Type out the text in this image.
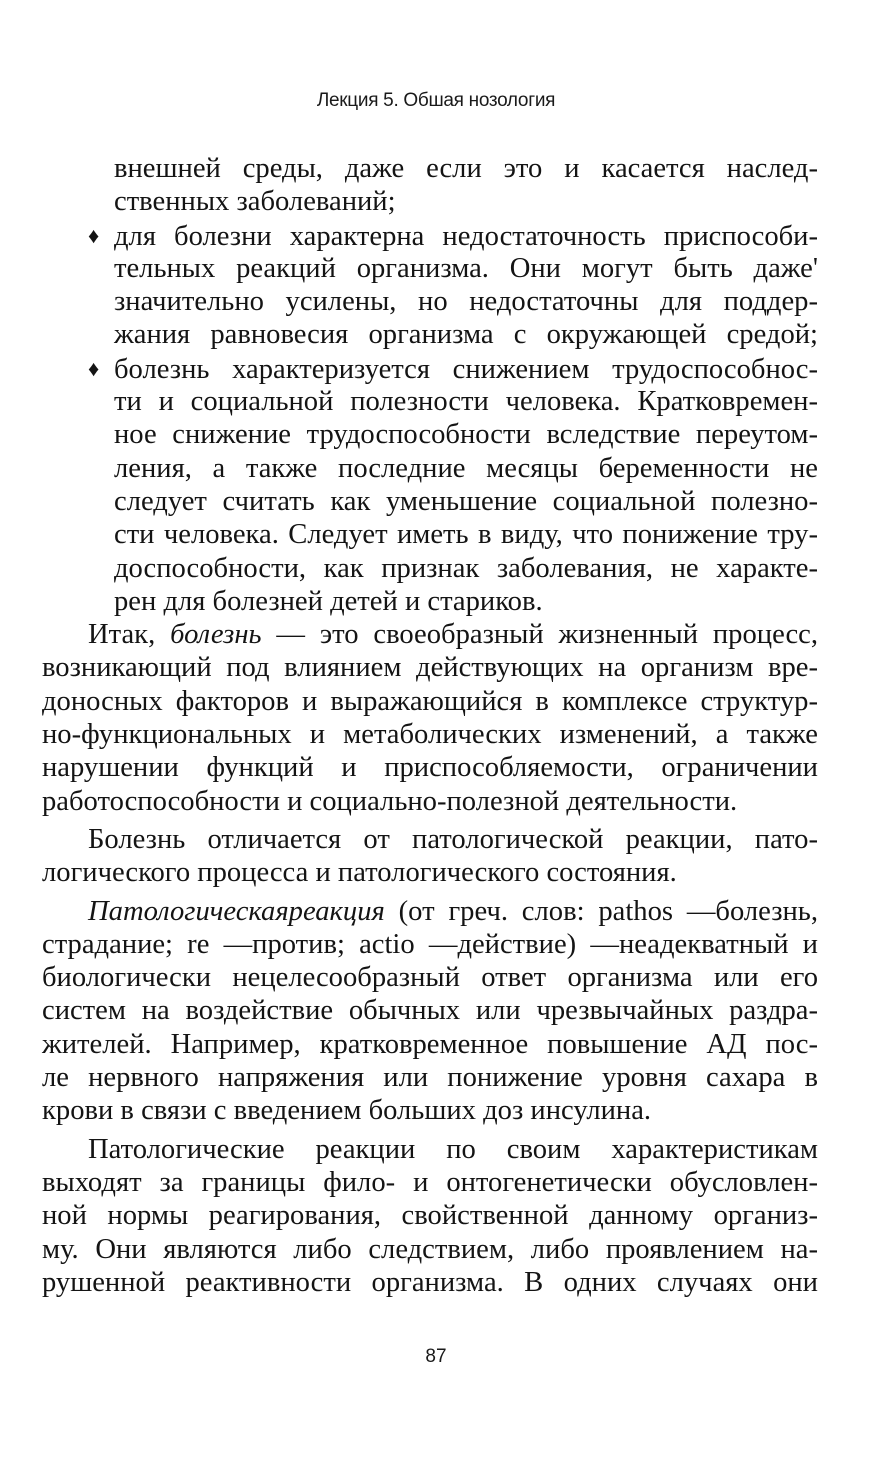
Лекция 5. Обшая нозология
внешней среды, даже если это и касается наслед-
ственных заболеваний;
♦ для болезни характерна недостаточность приспособи-
тельных реакций организма. Они могут быть даже'
значительно усилены, но недостаточны для поддер-
жания равновесия организма с окружающей средой;
♦ болезнь характеризуется снижением трудоспособнос-
ти и социальной полезности человека. Кратковремен-
ное снижение трудоспособности вследствие переутом-
ления, а также последние месяцы беременности не
следует считать как уменьшение социальной полезно-
сти человека. Следует иметь в виду, что понижение тру-
доспособности, как признак заболевания, не характе-
рен для болезней детей и стариков.
Итак, болезнь — это своеобразный жизненный процесс,
возникающий под влиянием действующих на организм вре-
доносных факторов и выражающийся в комплексе структур-
но-функциональных и метаболических изменений, а также
нарушении функций и приспособляемости, ограничении
работоспособности и социально-полезной деятельности.
Болезнь отличается от патологической реакции, пато-
логического процесса и патологического состояния.
Патологическаяреакция (от греч. слов: pathos —болезнь,
страдание; re —против; actio —действие) —неадекватный и
биологически нецелесообразный ответ организма или его
систем на воздействие обычных или чрезвычайных раздра-
жителей. Например, кратковременное повышение АД пос-
ле нервного напряжения или понижение уровня сахара в
крови в связи с введением больших доз инсулина.
Патологические реакции по своим характеристикам
выходят за границы фило- и онтогенетически обусловлен-
ной нормы реагирования, свойственной данному организ-
му. Они являются либо следствием, либо проявлением на-
рушенной реактивности организма. В одних случаях они
87
